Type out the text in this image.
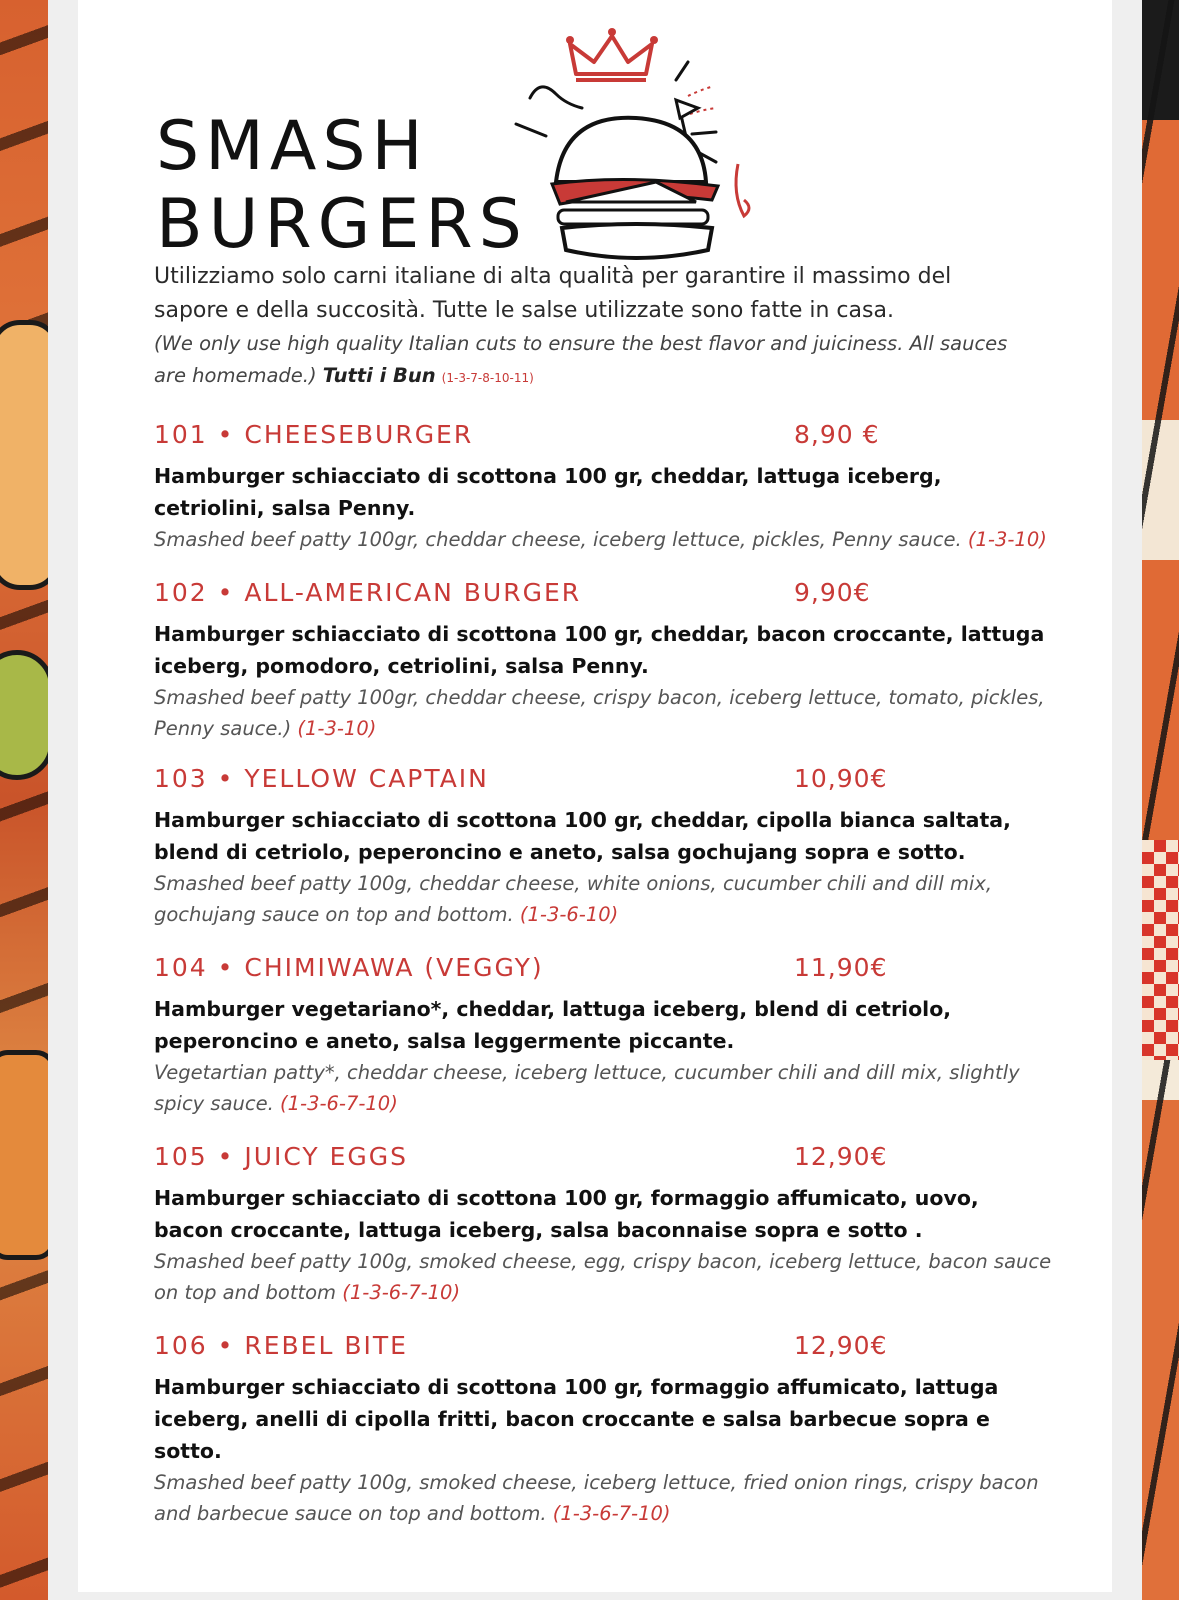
SMASH
BURGERS

Utilizziamo solo carni italiane di alta qualità per garantire il massimo del sapore e della succosità. Tutte le salse utilizzate sono fatte in casa.

(We only use high quality Italian cuts to ensure the best flavor and juiciness. All sauces are homemade.) Tutti i Bun (1-3-7-8-10-11)

101 • CHEESEBURGER	8,90 €

Hamburger schiacciato di scottona 100 gr, cheddar, lattuga iceberg, cetriolini, salsa Penny.

Smashed beef patty 100gr, cheddar cheese, iceberg lettuce, pickles, Penny sauce. (1-3-10)

102 • ALL-AMERICAN BURGER	9,90€

Hamburger schiacciato di scottona 100 gr, cheddar, bacon croccante, lattuga iceberg, pomodoro, cetriolini, salsa Penny.

Smashed beef patty 100gr, cheddar cheese, crispy bacon, iceberg lettuce, tomato, pickles, Penny sauce.) (1-3-10)

103 • YELLOW CAPTAIN	10,90€

Hamburger schiacciato di scottona 100 gr, cheddar, cipolla bianca saltata, blend di cetriolo, peperoncino e aneto, salsa gochujang sopra e sotto.

Smashed beef patty 100g, cheddar cheese, white onions, cucumber chili and dill mix, gochujang sauce on top and bottom. (1-3-6-10)

104 • CHIMIWAWA (VEGGY)	11,90€

Hamburger vegetariano*, cheddar, lattuga iceberg, blend di cetriolo, peperoncino e aneto, salsa leggermente piccante.

Vegetartian patty*, cheddar cheese, iceberg lettuce, cucumber chili and dill mix, slightly spicy sauce. (1-3-6-7-10)

105 • JUICY EGGS	12,90€

Hamburger schiacciato di scottona 100 gr, formaggio affumicato, uovo, bacon croccante, lattuga iceberg, salsa baconnaise sopra e sotto .

Smashed beef patty 100g, smoked cheese, egg, crispy bacon, iceberg lettuce, bacon sauce on top and bottom (1-3-6-7-10)

106 • REBEL BITE	12,90€

Hamburger schiacciato di scottona 100 gr, formaggio affumicato, lattuga iceberg, anelli di cipolla fritti, bacon croccante e salsa barbecue sopra e sotto.

Smashed beef patty 100g, smoked cheese, iceberg lettuce, fried onion rings, crispy bacon and barbecue sauce on top and bottom. (1-3-6-7-10)
